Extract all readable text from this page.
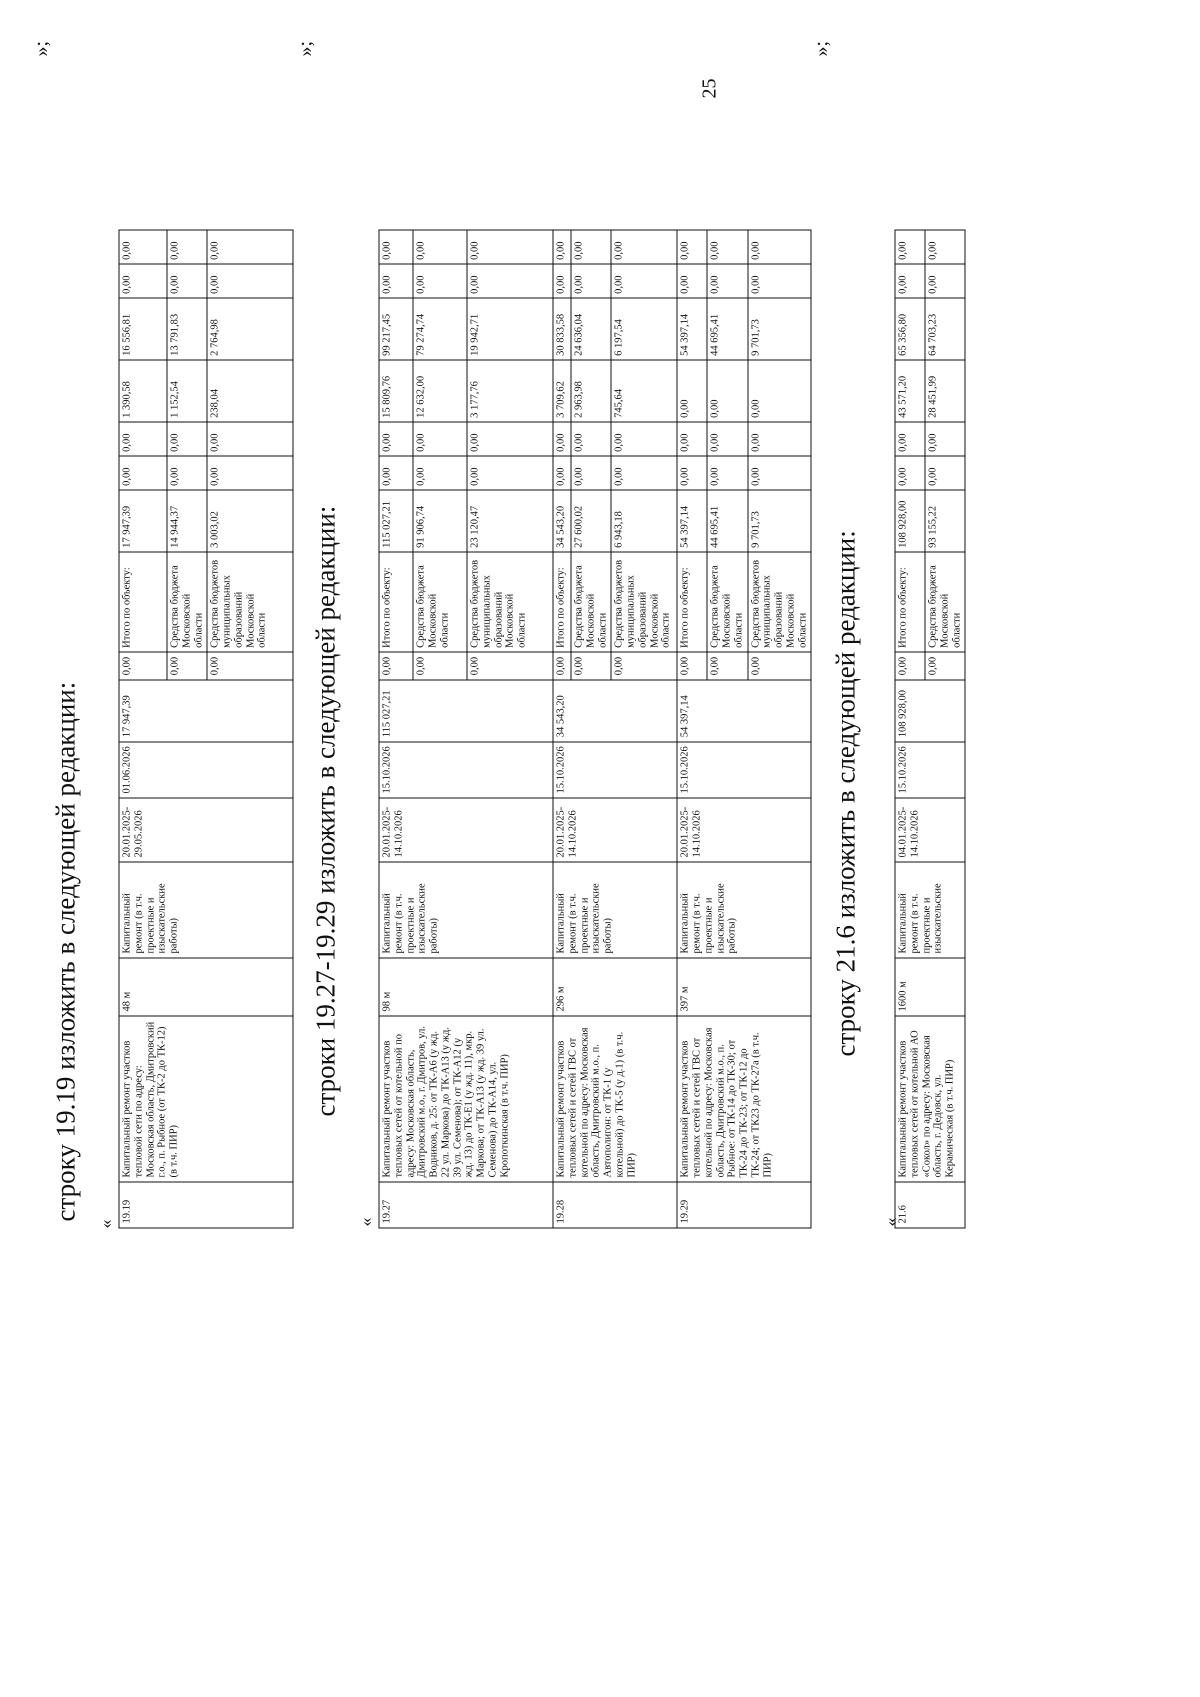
25
строку 19.19 изложить в следующей редакции:
«
»;
19.19	Капитальный ремонт участков тепловой сети по адресу: Московская область, Дмитровский г.о., п. Рыбное (от ТК-2 до ТК-12) (в т.ч. ПИР)	48 м	Капитальный ремонт (в т.ч. проектные и изыскательские работы)	20.01.2025-29.05.2026	01.06.2026	17 947,39	0,00	Итого по объекту:	17 947,39	0,00	0,00	1 390,58	16 556,81	0,00	0,00
							0,00	Средства бюджета Московской области	14 944,37	0,00	0,00	1 152,54	13 791,83	0,00	0,00
							0,00	Средства бюджетов муниципальных образований Московской области	3 003,02	0,00	0,00	238,04	2 764,98	0,00	0,00
строки 19.27-19.29 изложить в следующей редакции:
«
»;
19.27	Капитальный ремонт участков тепловых сетей от котельной по адресу: Московская область, Дмитровский м.о., г. Дмитров, ул. Водников, д. 25: от ТК-А6 (у жд. 22 ул. Маркова) до ТК-А13 (у жд. 39 ул. Семенова); от ТК-А12 (у жд. 13) до ТК-Е1 (у жд. 11), мкр. Маркова; от ТК-А13 (у жд. 39 ул. Семенова) до ТК-А14, ул. Кропоткинская (в т.ч. ПИР)	98 м	Капитальный ремонт (в т.ч. проектные и изыскательские работы)	20.01.2025-14.10.2026	15.10.2026	115 027,21	0,00	Итого по объекту:	115 027,21	0,00	0,00	15 809,76	99 217,45	0,00	0,00
							0,00	Средства бюджета Московской области	91 906,74	0,00	0,00	12 632,00	79 274,74	0,00	0,00
							0,00	Средства бюджетов муниципальных образований Московской области	23 120,47	0,00	0,00	3 177,76	19 942,71	0,00	0,00
19.28	Капитальный ремонт участков тепловых сетей и сетей ГВС от котельной по адресу: Московская область, Дмитровский м.о., п. Автополигон: от ТК-1 (у котельной) до ТК-5 (у д.1) (в т.ч. ПИР)	296 м	Капитальный ремонт (в т.ч. проектные и изыскательские работы)	20.01.2025-14.10.2026	15.10.2026	34 543,20	0,00	Итого по объекту:	34 543,20	0,00	0,00	3 709,62	30 833,58	0,00	0,00
							0,00	Средства бюджета Московской области	27 600,02	0,00	0,00	2 963,98	24 636,04	0,00	0,00
							0,00	Средства бюджетов муниципальных образований Московской области	6 943,18	0,00	0,00	745,64	6 197,54	0,00	0,00
19.29	Капитальный ремонт участков тепловых сетей и сетей ГВС от котельной по адресу: Московская область, Дмитровский м.о., п. Рыбное: от ТК-14 до ТК-30; от ТК-24 до ТК-23; от ТК-12 до ТК-24; от ТК23 до ТК-27а (в т.ч. ПИР)	397 м	Капитальный ремонт (в т.ч. проектные и изыскательские работы)	20.01.2025-14.10.2026	15.10.2026	54 397,14	0,00	Итого по объекту:	54 397,14	0,00	0,00	0,00	54 397,14	0,00	0,00
							0,00	Средства бюджета Московской области	44 695,41	0,00	0,00	0,00	44 695,41	0,00	0,00
							0,00	Средства бюджетов муниципальных образований Московской области	9 701,73	0,00	0,00	0,00	9 701,73	0,00	0,00
строку 21.6 изложить в следующей редакции:
«
»;
21.6	Капитальный ремонт участков тепловых сетей от котельной АО «Сокол» по адресу: Московская область, г. Дедовск, ул. Керамическая (в т.ч. ПИР)	1600 м	Капитальный ремонт (в т.ч. проектные и изыскательские	04.01.2025-14.10.2026	15.10.2026	108 928,00	0,00	Итого по объекту:	108 928,00	0,00	0,00	43 571,20	65 356,80	0,00	0,00
							0,00	Средства бюджета Московской области	93 155,22	0,00	0,00	28 451,99	64 703,23	0,00	0,00
